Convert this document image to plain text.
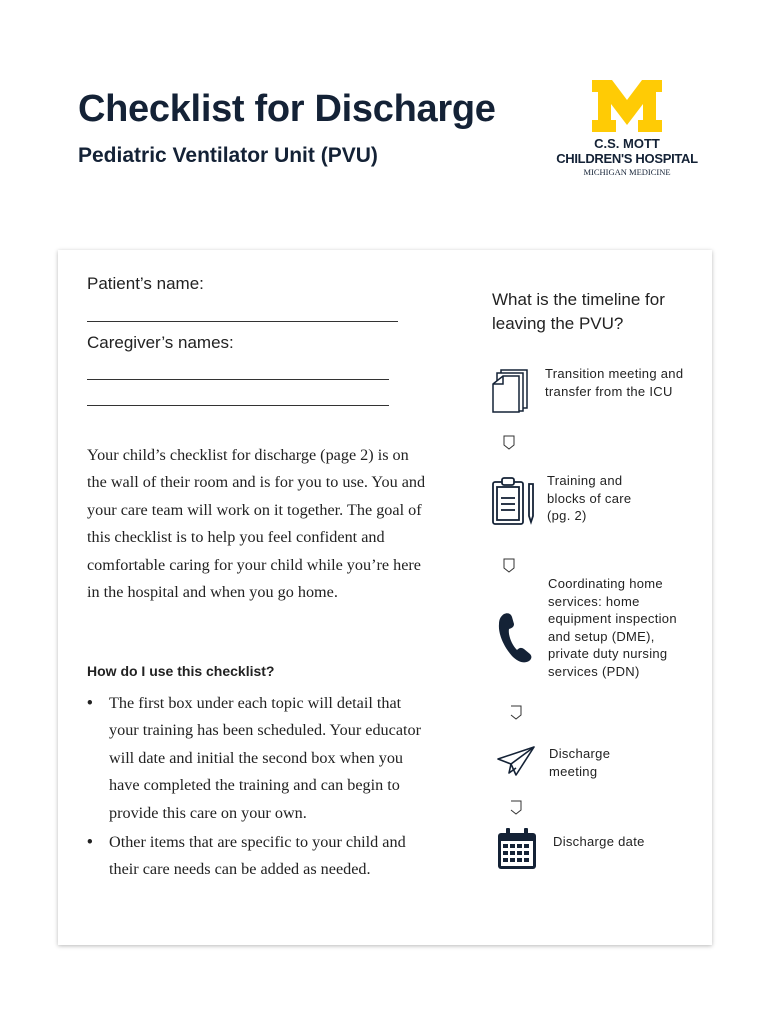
Checklist for Discharge
Pediatric Ventilator Unit (PVU)
C.S. MOTT
CHILDREN'S HOSPITAL
MICHIGAN MEDICINE
Patient’s name:
Caregiver’s names:
Your child’s checklist for discharge (page 2) is on the wall of their room and is for you to use. You and your care team will work on it together. The goal of this checklist is to help you feel confident and comfortable caring for your child while you’re here in the hospital and when you go home.
How do I use this checklist?
• The first box under each topic will detail that your training has been scheduled. Your educator will date and initial the second box when you have completed the training and can begin to provide this care on your own.
• Other items that are specific to your child and their care needs can be added as needed.
What is the timeline for leaving the PVU?
Transition meeting and transfer from the ICU
Training and blocks of care (pg. 2)
Coordinating home services: home equipment inspection and setup (DME), private duty nursing services (PDN)
Discharge meeting
Discharge date
